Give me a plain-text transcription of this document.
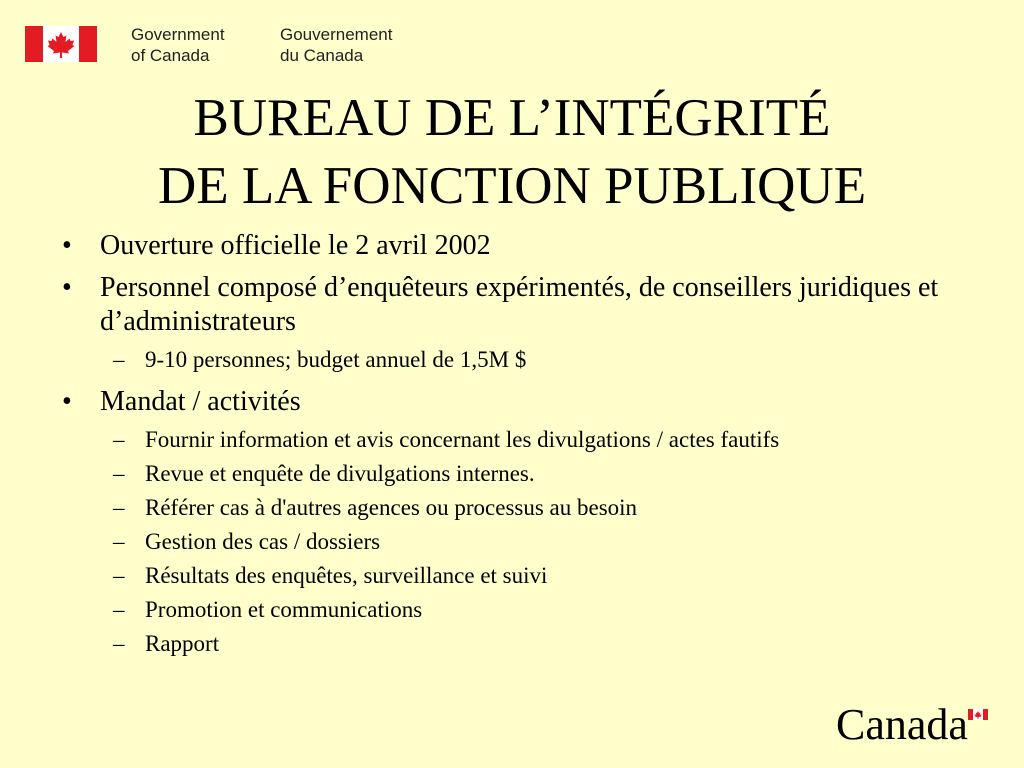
Government
of Canada
Gouvernement
du Canada
BUREAU DE L’INTÉGRITÉ
DE LA FONCTION PUBLIQUE
• Ouverture officielle le 2 avril 2002
• Personnel composé d’enquêteurs expérimentés, de conseillers juridiques et d’administrateurs
– 9-10 personnes; budget annuel de 1,5M $
• Mandat / activités
– Fournir information et avis concernant les divulgations / actes fautifs
– Revue et enquête de divulgations internes.
– Référer cas à d'autres agences ou processus au besoin
– Gestion des cas / dossiers
– Résultats des enquêtes, surveillance et suivi
– Promotion et communications
– Rapport
Canada
